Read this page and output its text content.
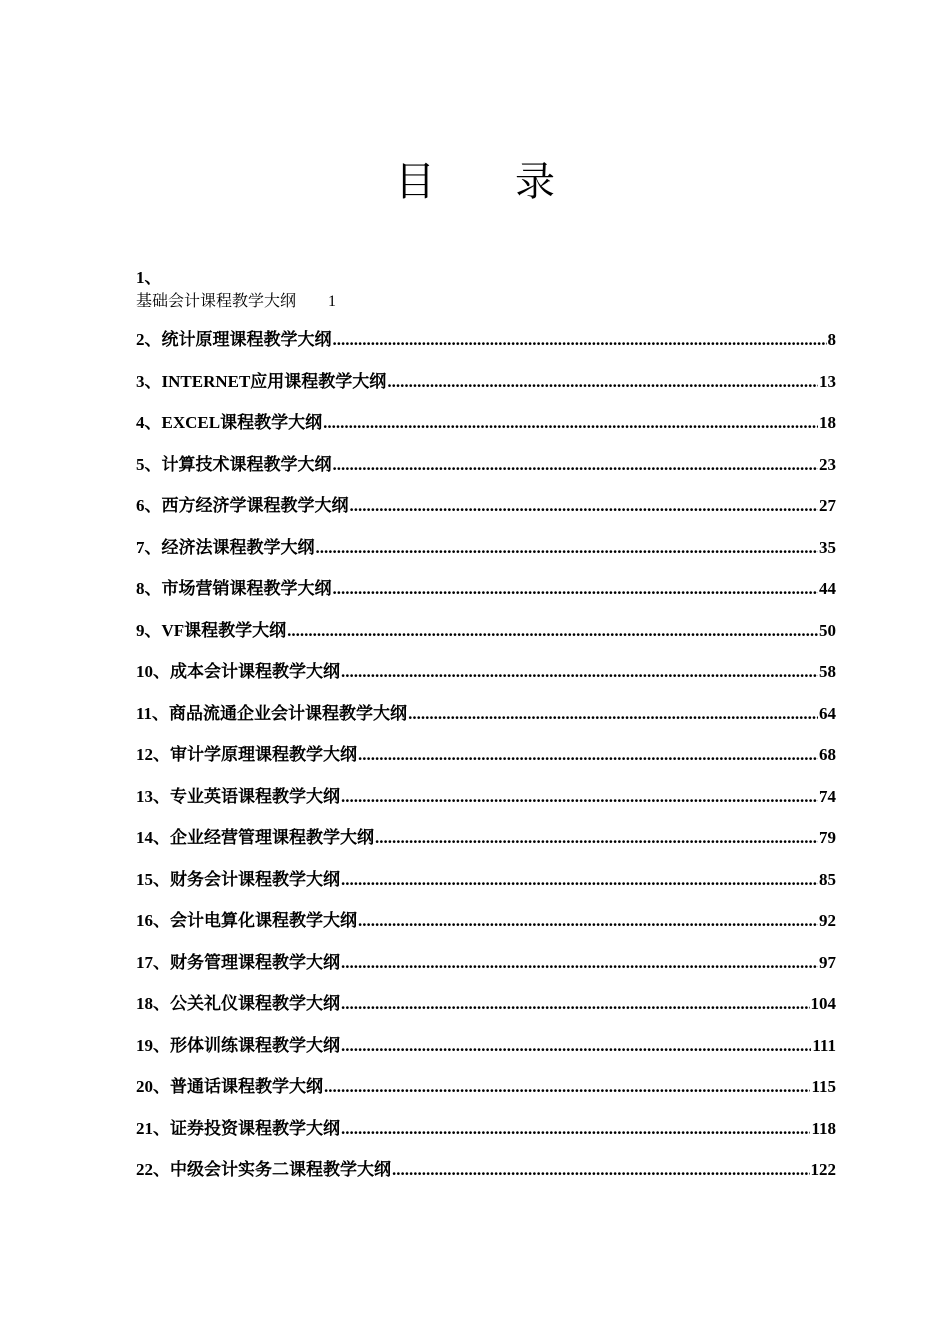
目 录
1、
基础会计课程教学大纲 1
2、统计原理课程教学大纲 .....	8
3、INTERNET应用课程教学大纲 .....	13
4、EXCEL课程教学大纲 .....	18
5、计算技术课程教学大纲 .....	23
6、西方经济学课程教学大纲 .....	27
7、经济法课程教学大纲 .....	35
8、市场营销课程教学大纲 .....	44
9、VF课程教学大纲 .....	50
10、成本会计课程教学大纲 .....	58
11、商品流通企业会计课程教学大纲 .....	64
12、审计学原理课程教学大纲 .....	68
13、专业英语课程教学大纲 .....	74
14、企业经营管理课程教学大纲 .....	79
15、财务会计课程教学大纲 .....	85
16、会计电算化课程教学大纲 .....	92
17、财务管理课程教学大纲 .....	97
18、公关礼仪课程教学大纲 .....	104
19、形体训练课程教学大纲 .....	111
20、普通话课程教学大纲 .....	115
21、证券投资课程教学大纲 .....	118
22、中级会计实务二课程教学大纲 .....	122
